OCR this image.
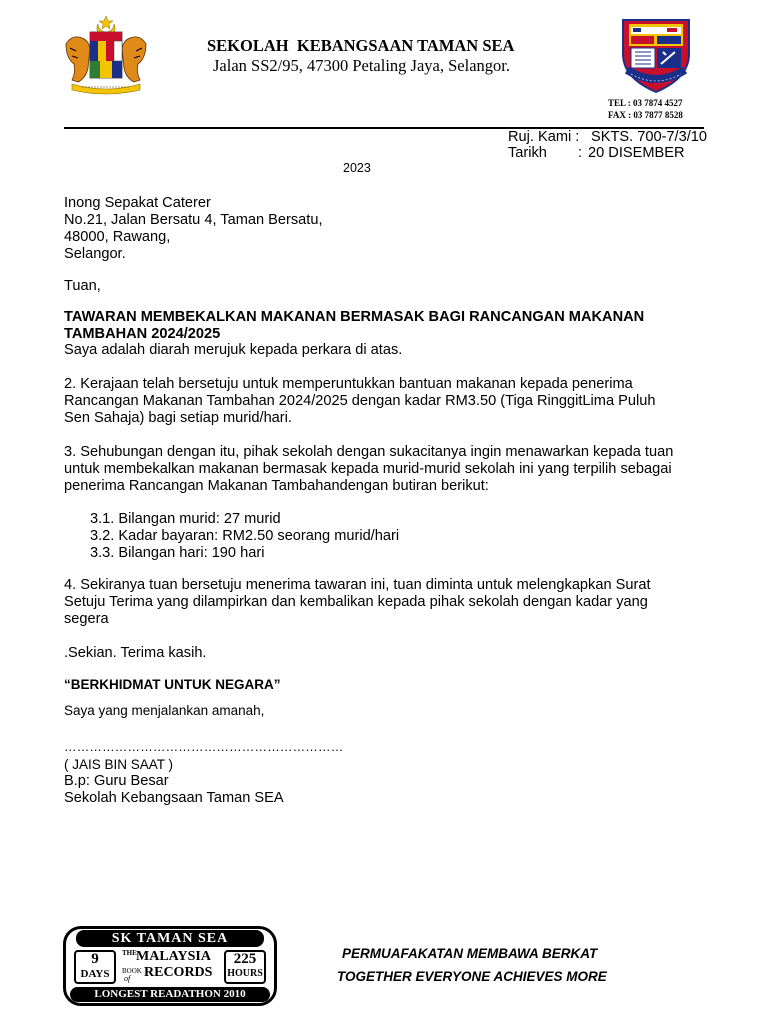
SEKOLAH  KEBANGSAAN TAMAN SEA
Jalan SS2/95, 47300 Petaling Jaya, Selangor.
TEL : 03 7874 4527
FAX : 03 7877 8528
Ruj. Kami : SKTS. 700-7/3/10
Tarikh : 20 DISEMBER
2023

Inong Sepakat Caterer

No.21, Jalan Bersatu 4, Taman Bersatu,

48000, Rawang,

Selangor.

Tuan,

TAWARAN MEMBEKALKAN MAKANAN BERMASAK BAGI RANCANGAN MAKANAN

TAMBAHAN 2024/2025

Saya adalah diarah merujuk kepada perkara di atas.

2. Kerajaan telah bersetuju untuk memperuntukkan bantuan makanan kepada penerima

Rancangan Makanan Tambahan 2024/2025 dengan kadar RM3.50 (Tiga RinggitLima Puluh

Sen Sahaja) bagi setiap murid/hari.

3. Sehubungan dengan itu, pihak sekolah dengan sukacitanya ingin menawarkan kepada tuan

untuk membekalkan makanan bermasak kepada murid-murid sekolah ini yang terpilih sebagai

penerima Rancangan Makanan Tambahandengan butiran berikut:

3.1. Bilangan murid: 27 murid

3.2. Kadar bayaran: RM2.50 seorang murid/hari

3.3. Bilangan hari: 190 hari

4. Sekiranya tuan bersetuju menerima tawaran ini, tuan diminta untuk melengkapkan Surat

Setuju Terima yang dilampirkan dan kembalikan kepada pihak sekolah dengan kadar yang

segera

.Sekian. Terima kasih.
“BERKHIDMAT UNTUK NEGARA”
Saya yang menjalankan amanah,
…………………………………………………………

( JAIS BIN SAAT )

B.p: Guru Besar

Sekolah Kebangsaan Taman SEA

SK TAMAN SEA
9
DAYS
THE MALAYSIA
BOOK
of RECORDS
225
HOURS
LONGEST READATHON 2010
PERMUAFAKATAN MEMBAWA BERKAT
TOGETHER EVERYONE ACHIEVES MORE
